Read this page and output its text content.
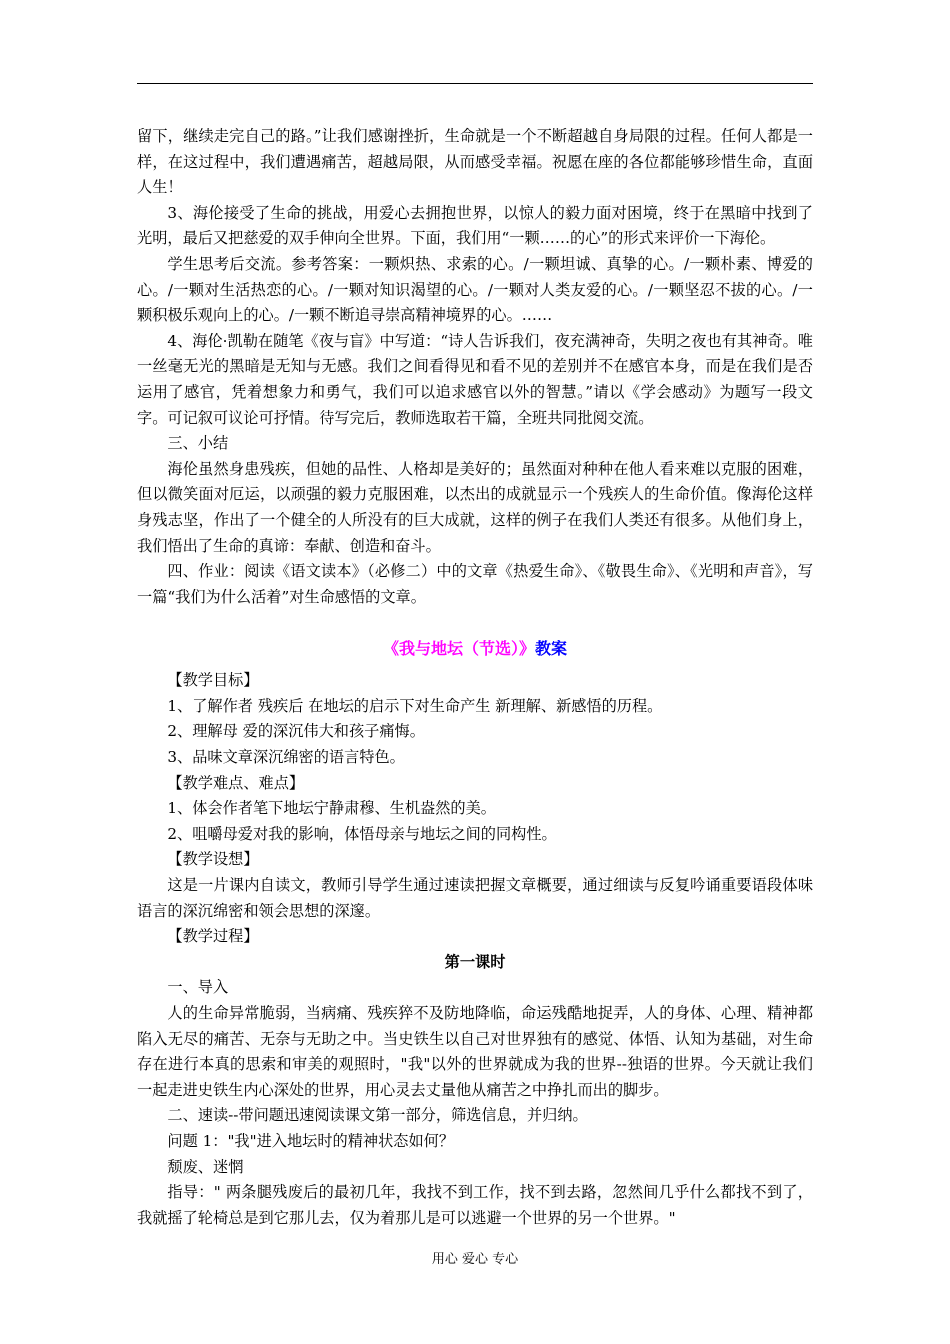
留下，继续走完自己的路。”让我们感谢挫折，生命就是一个不断超越自身局限的过程。任何人都是一样，在这过程中，我们遭遇痛苦，超越局限，从而感受幸福。祝愿在座的各位都能够珍惜生命，直面人生！

3、海伦接受了生命的挑战，用爱心去拥抱世界，以惊人的毅力面对困境，终于在黑暗中找到了光明，最后又把慈爱的双手伸向全世界。下面，我们用“一颗……的心”的形式来评价一下海伦。

学生思考后交流。参考答案：一颗炽热、求索的心。/一颗坦诚、真挚的心。/一颗朴素、博爱的心。/一颗对生活热恋的心。/一颗对知识渴望的心。/一颗对人类友爱的心。/一颗坚忍不拔的心。/一颗积极乐观向上的心。/一颗不断追寻崇高精神境界的心。……

4、海伦·凯勒在随笔《夜与盲》中写道：“诗人告诉我们，夜充满神奇，失明之夜也有其神奇。唯一丝毫无光的黑暗是无知与无感。我们之间看得见和看不见的差别并不在感官本身，而是在我们是否运用了感官，凭着想象力和勇气，我们可以追求感官以外的智慧。”请以《学会感动》为题写一段文字。可记叙可议论可抒情。待写完后，教师选取若干篇，全班共同批阅交流。

三、小结

海伦虽然身患残疾，但她的品性、人格却是美好的；虽然面对种种在他人看来难以克服的困难，但以微笑面对厄运，以顽强的毅力克服困难，以杰出的成就显示一个残疾人的生命价值。像海伦这样身残志坚，作出了一个健全的人所没有的巨大成就，这样的例子在我们人类还有很多。从他们身上，我们悟出了生命的真谛：奉献、创造和奋斗。

四、作业：阅读《语文读本》（必修二）中的文章《热爱生命》、《敬畏生命》、《光明和声音》，写一篇“我们为什么活着”对生命感悟的文章。

《我与地坛（节选）》教案

【教学目标】

1、了解作者 残疾后 在地坛的启示下对生命产生 新理解、新感悟的历程。

2、理解母 爱的深沉伟大和孩子痛悔。

3、品味文章深沉绵密的语言特色。

【教学难点、难点】

1、体会作者笔下地坛宁静肃穆、生机盎然的美。

2、咀嚼母爱对我的影响，体悟母亲与地坛之间的同构性。

【教学设想】

这是一片课内自读文，教师引导学生通过速读把握文章概要，通过细读与反复吟诵重要语段体味语言的深沉绵密和领会思想的深邃。

【教学过程】

第一课时

一、导入

人的生命异常脆弱，当病痛、残疾猝不及防地降临，命运残酷地捉弄，人的身体、心理、精神都陷入无尽的痛苦、无奈与无助之中。当史铁生以自己对世界独有的感觉、体悟、认知为基础，对生命存在进行本真的思索和审美的观照时，"我"以外的世界就成为我的世界--独语的世界。今天就让我们一起走进史铁生内心深处的世界，用心灵去丈量他从痛苦之中挣扎而出的脚步。

二、速读--带问题迅速阅读课文第一部分，筛选信息，并归纳。

问题 1："我"进入地坛时的精神状态如何？

颓废、迷惘

指导：" 两条腿残废后的最初几年，我找不到工作，找不到去路，忽然间几乎什么都找不到了，我就摇了轮椅总是到它那儿去，仅为着那儿是可以逃避一个世界的另一个世界。"

用心 爱心 专心
